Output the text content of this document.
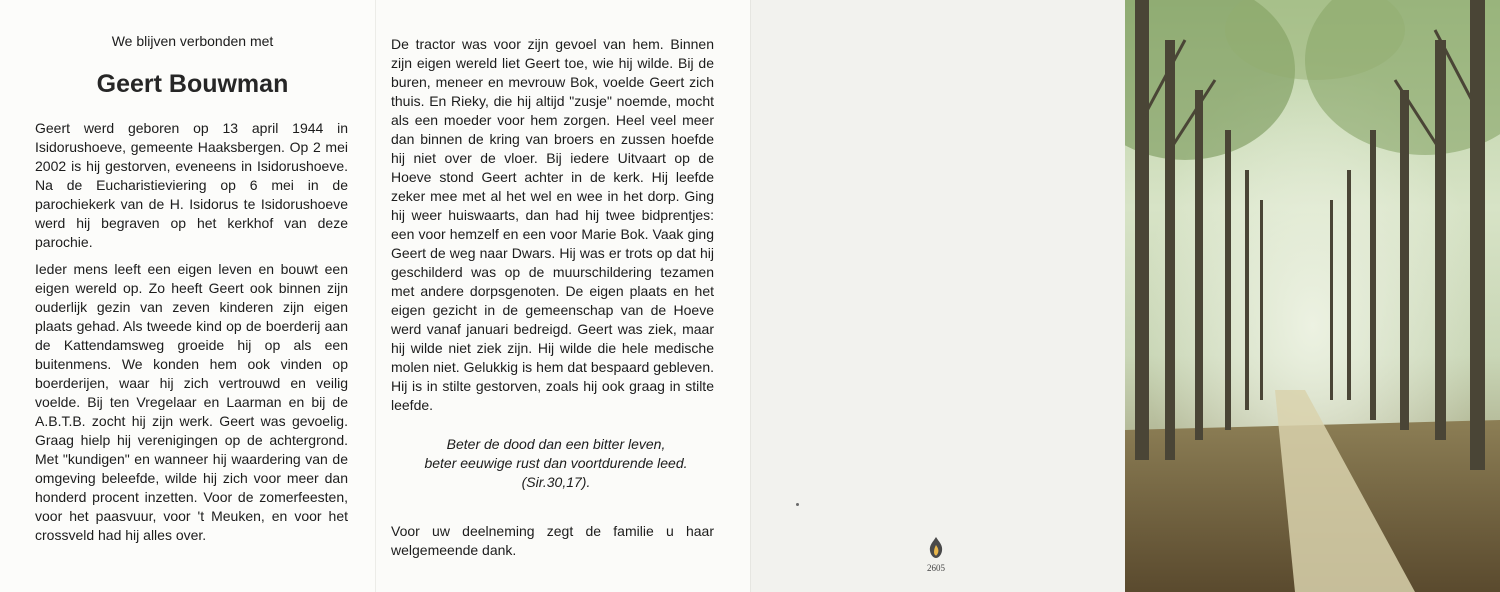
We blijven verbonden met
Geert Bouwman
Geert werd geboren op 13 april 1944 in Isidorushoeve, gemeente Haaksbergen. Op 2 mei 2002 is hij gestorven, eveneens in Isidorushoeve. Na de Eucharistieviering op 6 mei in de parochiekerk van de H. Isidorus te Isidorushoeve werd hij begraven op het kerkhof van deze parochie.
Ieder mens leeft een eigen leven en bouwt een eigen wereld op. Zo heeft Geert ook binnen zijn ouderlijk gezin van zeven kinderen zijn eigen plaats gehad. Als tweede kind op de boerderij aan de Kattendamsweg groeide hij op als een buitenmens. We konden hem ook vinden op boerderijen, waar hij zich vertrouwd en veilig voelde. Bij ten Vregelaar en Laarman en bij de A.B.T.B. zocht hij zijn werk. Geert was gevoelig. Graag hielp hij verenigingen op de achtergrond. Met "kundigen" en wanneer hij waardering van de omgeving beleefde, wilde hij zich voor meer dan honderd procent inzetten. Voor de zomerfeesten, voor het paasvuur, voor 't Meuken, en voor het crossveld had hij alles over.
De tractor was voor zijn gevoel van hem. Binnen zijn eigen wereld liet Geert toe, wie hij wilde. Bij de buren, meneer en mevrouw Bok, voelde Geert zich thuis. En Rieky, die hij altijd "zusje" noemde, mocht als een moeder voor hem zorgen. Heel veel meer dan binnen de kring van broers en zussen hoefde hij niet over de vloer. Bij iedere Uitvaart op de Hoeve stond Geert achter in de kerk. Hij leefde zeker mee met al het wel en wee in het dorp. Ging hij weer huiswaarts, dan had hij twee bidprentjes: een voor hemzelf en een voor Marie Bok. Vaak ging Geert de weg naar Dwars. Hij was er trots op dat hij geschilderd was op de muurschildering tezamen met andere dorpsgenoten. De eigen plaats en het eigen gezicht in de gemeenschap van de Hoeve werd vanaf januari bedreigd. Geert was ziek, maar hij wilde niet ziek zijn. Hij wilde die hele medische molen niet. Gelukkig is hem dat bespaard gebleven. Hij is in stilte gestorven, zoals hij ook graag in stilte leefde.
Beter de dood dan een bitter leven,
beter eeuwige rust dan voortdurende leed.
(Sir.30,17).
Voor uw deelneming zegt de familie u haar welgemeende dank.
2605
